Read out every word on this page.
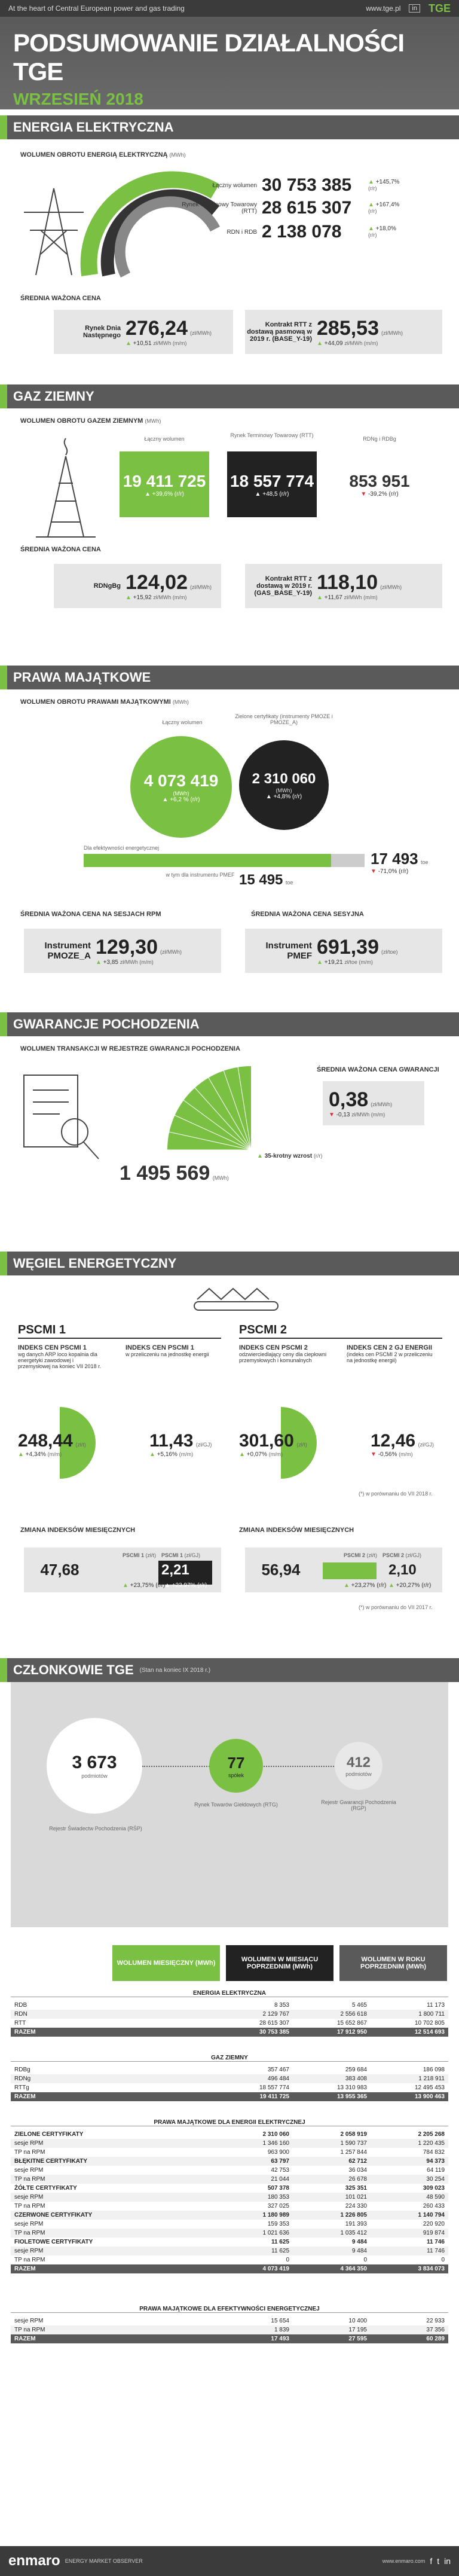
At the heart of Central European power and gas trading	www.tge.pl	in TGE
PODSUMOWANIE DZIAŁALNOŚCI TGE
WRZESIEŃ 2018
ENERGIA ELEKTRYCZNA
WOLUMEN OBROTU ENERGIĄ ELEKTRYCZNĄ (MWh)
Łączny wolumen 30 753 385	▲ +145,7%
(r/r)
Rynek Terminowy Towarowy (RTT) 28 615 307	▲ +167,4%
(r/r)
RDN i RDB 2 138 078	▲ +18,0%
(r/r)
ŚREDNIA WAŻONA CENA
Rynek Dnia Następnego 276,24 (zł/MWh)
▲ +10,51 zł/MWh (m/m)
Kontrakt RTT z dostawą pasmową w 2019 r. (BASE_Y-19) 285,53 (zł/MWh)
▲ +44,09 zł/MWh (m/m)
GAZ ZIEMNY
WOLUMEN OBROTU GAZEM ZIEMNYM (MWh)
Łączny wolumen
Rynek Terminowy Towarowy (RTT)
RDNg i RDBg
19 411 725
▲ +39,6% (r/r)
18 557 774
▲ +48,5 (r/r)
853 951
▼ -39,2% (r/r)
ŚREDNIA WAŻONA CENA
RDNgBg 124,02 (zł/MWh)
▲ +15,92 zł/MWh (m/m)
Kontrakt RTT z dostawą w 2019 r. (GAS_BASE_Y-19) 118,10 (zł/MWh)
▲ +11,67 zł/MWh (m/m)
PRAWA MAJĄTKOWE
WOLUMEN OBROTU PRAWAMI MAJĄTKOWYMI (MWh)
Łączny wolumen
Zielone certyfikaty (instrumenty PMOZE i PMOZE_A)
4 073 419
(MWh)
▲ +6,2 % (r/r)
2 310 060
(MWh)
▲ +4,8% (r/r)
Dla efektywności energetycznej
17 493 toe
▼ -71,0% (r/r)
w tym dla instrumentu PMEF 15 495 toe
ŚREDNIA WAŻONA CENA NA SESJACH RPM	ŚREDNIA WAŻONA CENA SESYJNA
Instrument PMOZE_A 129,30 (zł/MWh)
▲ +3,85 zł/MWh (m/m)
Instrument PMEF 691,39 (zł/toe)
▲ +19,21 zł/toe (m/m)
GWARANCJE POCHODZENIA
WOLUMEN TRANSAKCJI W REJESTRZE GWARANCJI POCHODZENIA
1 495 569 (MWh)
▲ 35-krotny wzrost (r/r)
ŚREDNIA WAŻONA CENA GWARANCJI
0,38 (zł/MWh)
▼ -0,13 zł/MWh (m/m)
WĘGIEL ENERGETYCZNY
PSCMI 1
INDEKS CEN PSCMI 1
wg danych ARP loco kopalnia dla energetyki zawodowej i przemysłowej na koniec VII 2018 r.
INDEKS CEN PSCMI 1
w przeliczeniu na jednostkę energii
248,44 (zł/t)
▲ +4,34% (m/m)
11,43 (zł/GJ)
▲ +5,16% (m/m)
PSCMI 2
INDEKS CEN PSCMI 2
odzwierciedlający ceny dla ciepłowni przemysłowych i komunalnych
INDEKS CEN 2 GJ ENERGII
(indeks cen PSCMI 2 w przeliczeniu na jednostkę energii)
301,60 (zł/t)
▲ +0,07% (m/m)
12,46 (zł/GJ)
▼ -0,56% (m/m)
(*) w porównaniu do VII 2018 r.
ZMIANA INDEKSÓW MIESIĘCZNYCH	ZMIANA INDEKSÓW MIESIĘCZNYCH
47,68
PSCMI 1 (zł/t) PSCMI 1 (zł/GJ)
2,21
▲ +23,75% (r/r)
▲ +23,97% (r/r)
56,94
PSCMI 2 (zł/t) PSCMI 2 (zł/GJ)
2,10
▲ +23,27% (r/r) ▲ +20,27% (r/r)
(*) w porównaniu do VII 2017 r.
CZŁONKOWIE TGE (Stan na koniec IX 2018 r.)
3 673
podmiotów
Rejestr Świadectw Pochodzenia (RŚP)
77
spółek
Rynek Towarów Giełdowych (RTG)
412
podmiotów
Rejestr Gwarancji Pochodzenia (RGP)
WOLUMEN MIESIĘCZNY (MWh)	WOLUMEN W MIESIĄCU POPRZEDNIM (MWh)
WOLUMEN W ROKU POPRZEDNIM (MWh)
ENERGIA ELEKTRYCZNA
RDB	8 353	5 465	11 173
RDN	2 129 767	2 556 618	1 800 711
RTT	28 615 307	15 652 867	10 702 805
RAZEM	30 753 385	17 912 950	12 514 693
GAZ ZIEMNY
RDBg	357 467	259 684	186 098
RDNg	496 484	383 408	1 218 911
RTTg	18 557 774	13 310 983	12 495 453
RAZEM	19 411 725	13 955 365	13 900 463
PRAWA MAJĄTKOWE DLA ENERGII ELEKTRYCZNEJ
ZIELONE CERTYFIKATY	2 310 060	2 058 919	2 205 268
sesje RPM	1 346 160	1 590 737	1 220 435
TP na RPM	963 900	1 257 844	784 832
BŁĘKITNE CERTYFIKATY	63 797	62 712	94 373
sesje RPM	42 753	36 034	64 119
TP na RPM	21 044	26 678	30 254
ŻÓŁTE CERTYFIKATY	507 378	325 351	309 023
sesje RPM	180 353	101 021	48 590
TP na RPM	327 025	224 330	260 433
CZERWONE CERTYFIKATY	1 180 989	1 226 805	1 140 794
sesje RPM	159 353	191 393	220 920
TP na RPM	1 021 636	1 035 412	919 874
FIOLETOWE CERTYFIKATY	11 625	9 484	11 746
sesje RPM	11 625	9 484	11 746
TP na RPM	0	0	0
RAZEM	4 073 419	4 364 350	3 834 073
PRAWA MAJĄTKOWE DLA EFEKTYWNOŚCI ENERGETYCZNEJ
sesje RPM	15 654	10 400	22 933
TP na RPM	1 839	17 195	37 356
RAZEM	17 493	27 595	60 289
enmaro ENERGY MARKET OBSERVER	www.enmaro.com f t in
